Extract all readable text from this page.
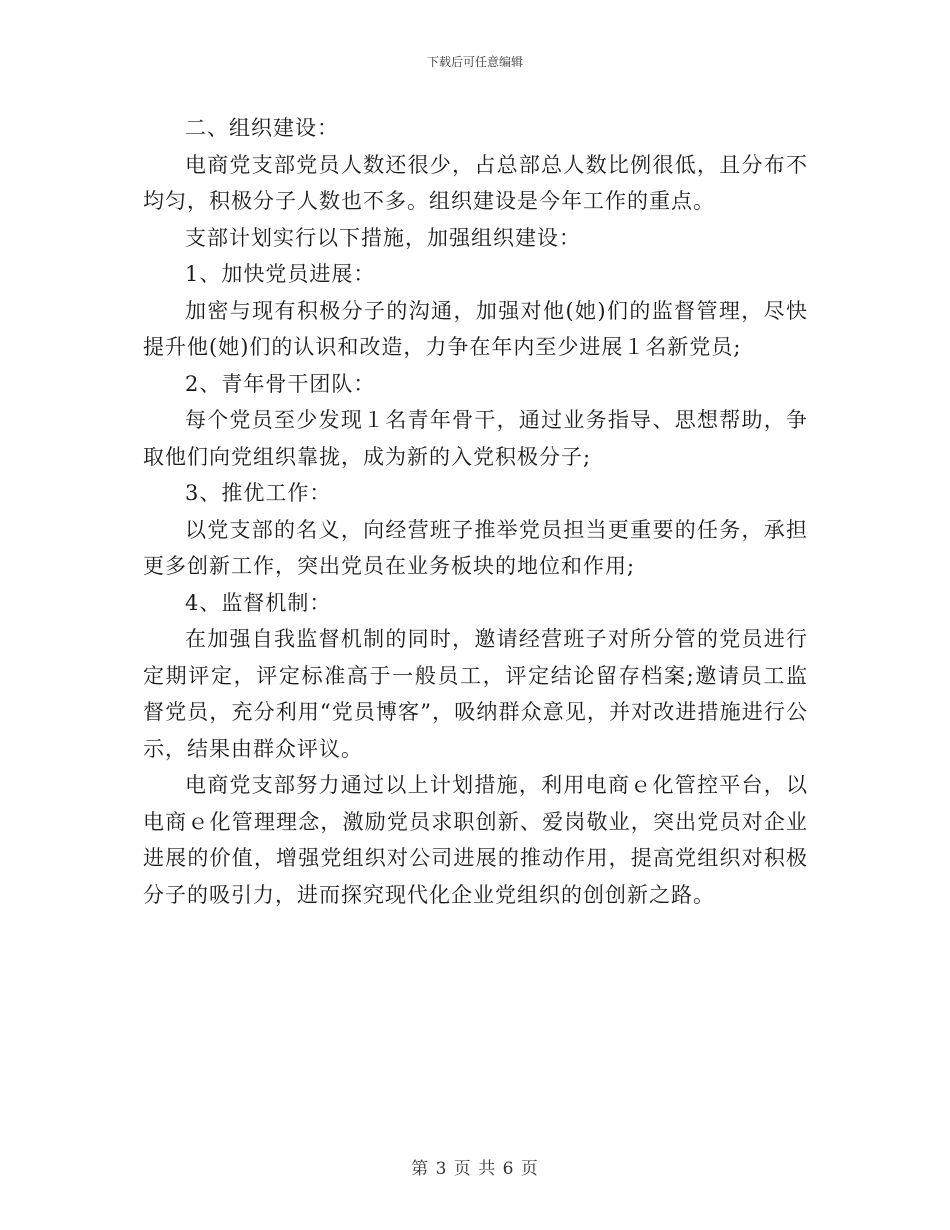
下载后可任意编辑

二、组织建设：

电商党支部党员人数还很少，占总部总人数比例很低，且分布不均匀，积极分子人数也不多。组织建设是今年工作的重点。

支部计划实行以下措施，加强组织建设：

1、加快党员进展：

加密与现有积极分子的沟通，加强对他(她)们的监督管理，尽快提升他(她)们的认识和改造，力争在年内至少进展１名新党员;

2、青年骨干团队：

每个党员至少发现１名青年骨干，通过业务指导、思想帮助，争取他们向党组织靠拢，成为新的入党积极分子;

3、推优工作：

以党支部的名义，向经营班子推举党员担当更重要的任务，承担更多创新工作，突出党员在业务板块的地位和作用;

4、监督机制：

在加强自我监督机制的同时，邀请经营班子对所分管的党员进行定期评定，评定标准高于一般员工，评定结论留存档案;邀请员工监督党员，充分利用“党员博客”，吸纳群众意见，并对改进措施进行公示，结果由群众评议。

电商党支部努力通过以上计划措施，利用电商ｅ化管控平台，以电商ｅ化管理理念，激励党员求职创新、爱岗敬业，突出党员对企业进展的价值，增强党组织对公司进展的推动作用，提高党组织对积极分子的吸引力，进而探究现代化企业党组织的创创新之路。

第 3 页 共 6 页
